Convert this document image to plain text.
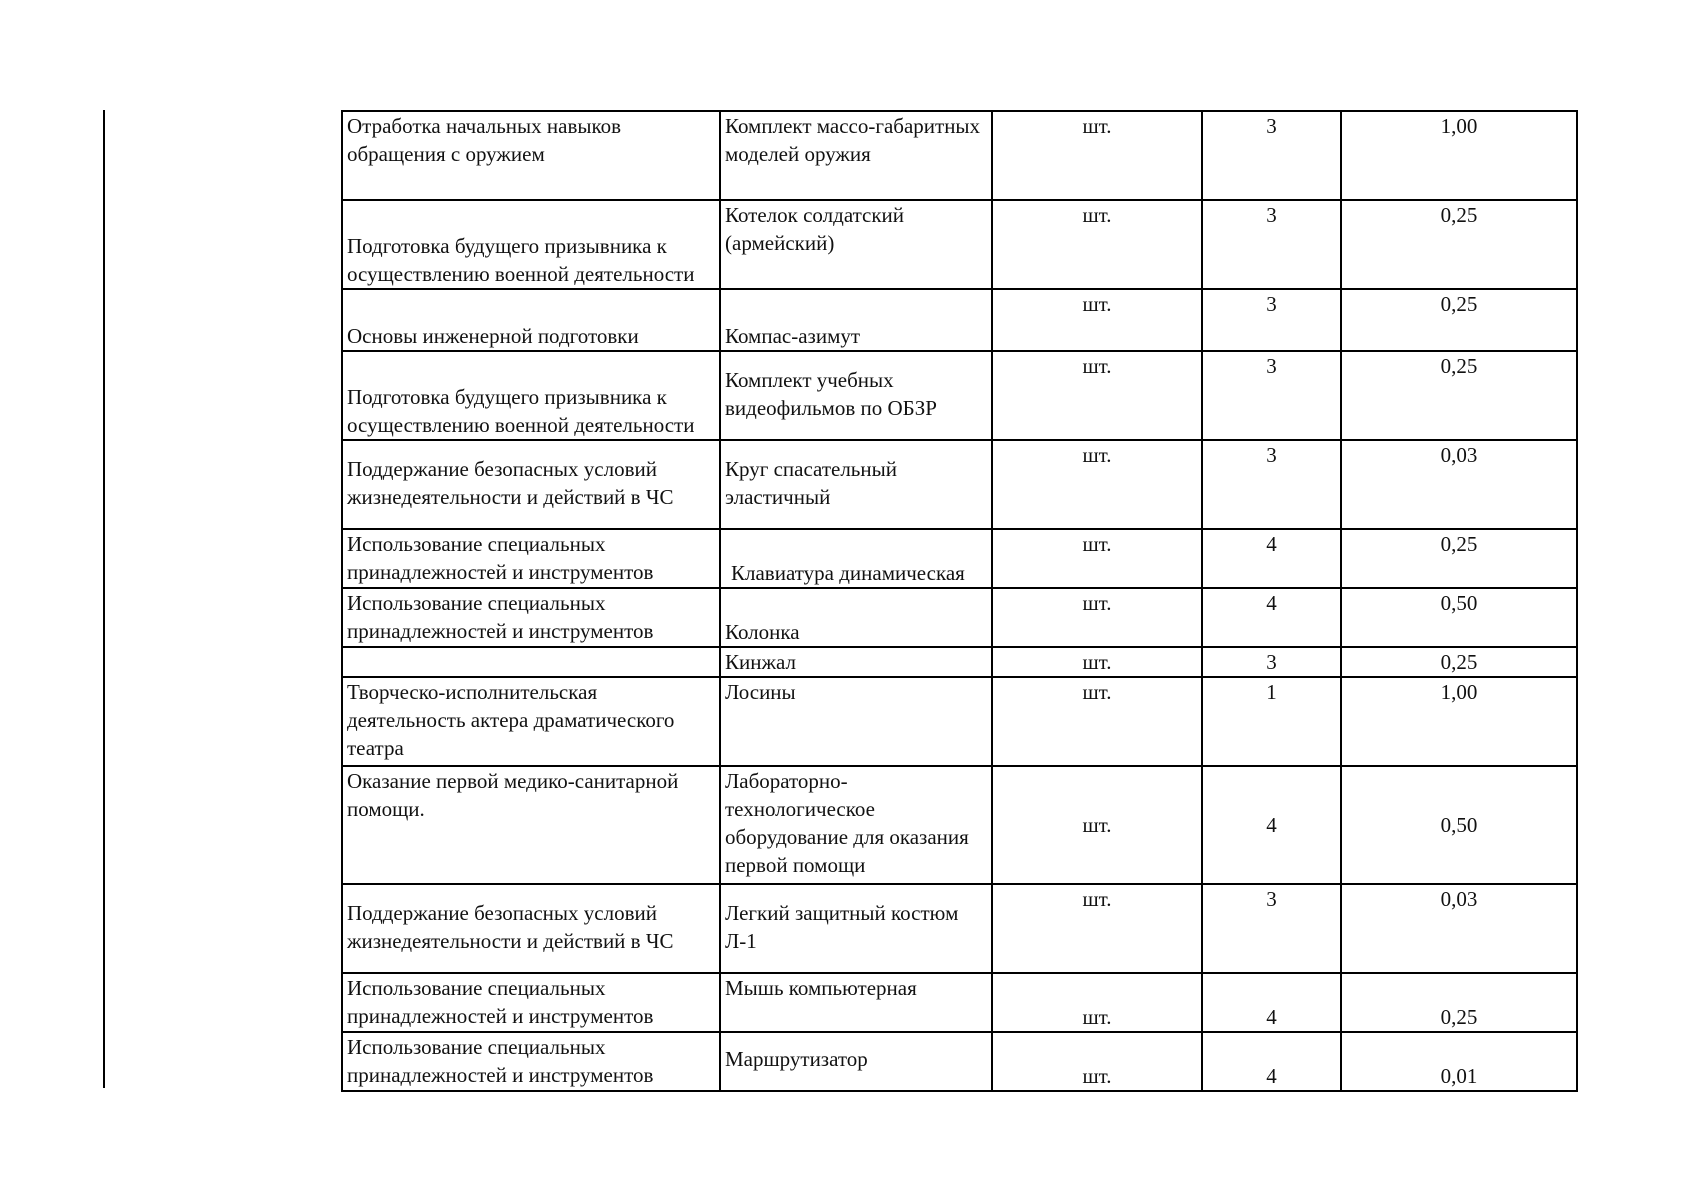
Отработка начальных навыков обращения с оружием	Комплект массо-габаритных моделей оружия	шт.	3	1,00
Подготовка будущего призывника к осуществлению военной деятельности	Котелок солдатский (армейский)	шт.	3	0,25
Основы инженерной подготовки	Компас-азимут	шт.	3	0,25
Подготовка будущего призывника к осуществлению военной деятельности	Комплект учебных видеофильмов по ОБЗР	шт.	3	0,25
Поддержание безопасных условий жизнедеятельности и действий в ЧС	Круг спасательный эластичный	шт.	3	0,03
Использование специальных принадлежностей и инструментов	Клавиатура динамическая	шт.	4	0,25
Использование специальных принадлежностей и инструментов	Колонка	шт.	4	0,50
	Кинжал	шт.	3	0,25
Творческо-исполнительская деятельность актера драматического театра	Лосины	шт.	1	1,00
Оказание первой медико-санитарной помощи.	Лабораторно-технологическое оборудование для оказания первой помощи	шт.	4	0,50
Поддержание безопасных условий жизнедеятельности и действий в ЧС	Легкий защитный костюм Л-1	шт.	3	0,03
Использование специальных принадлежностей и инструментов	Мышь компьютерная	шт.	4	0,25
Использование специальных принадлежностей и инструментов	Маршрутизатор	шт.	4	0,01
